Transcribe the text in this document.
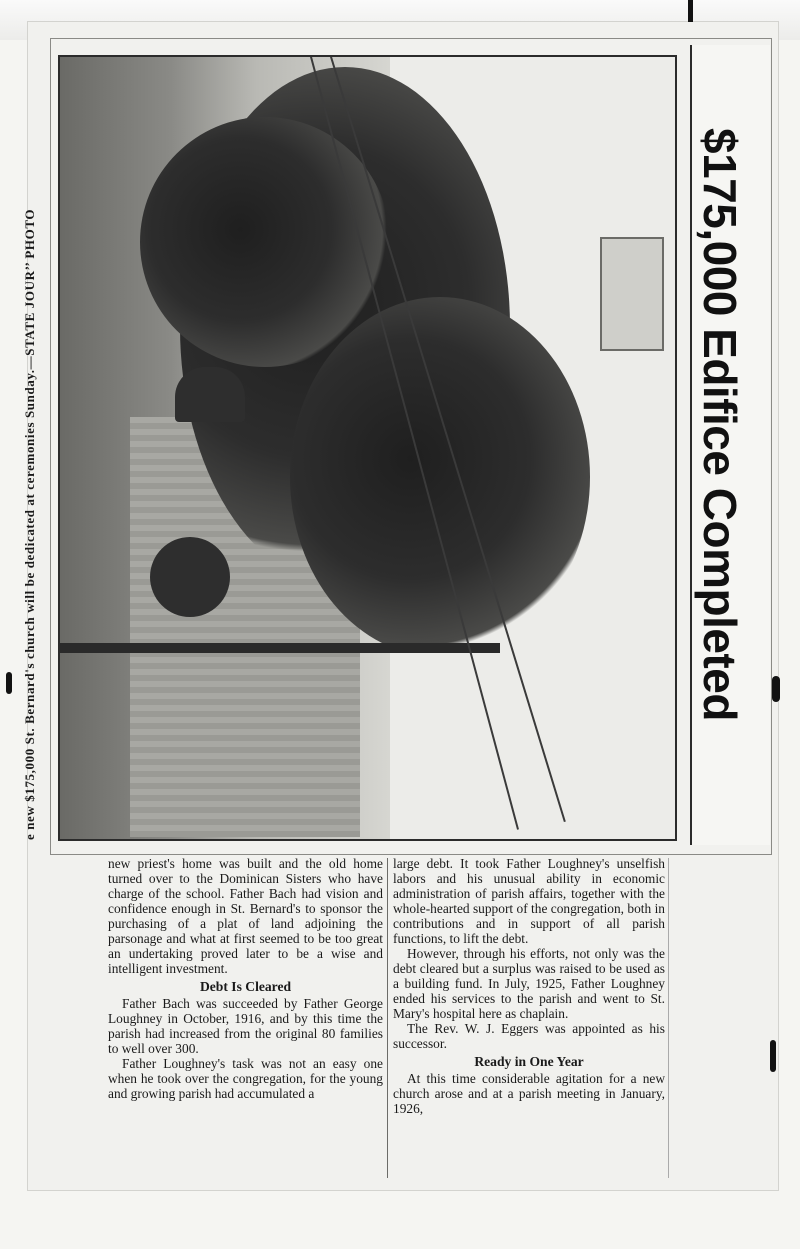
e new $175,000 St. Bernard's church will be dedicated at ceremonies Sunday.—STATE JOUR’’ PHOTO	$175,000 Edifice Completed

new priest's home was built and the old home turned over to the Dominican Sisters who have charge of the school. Father Bach had vision and confidence enough in St. Bernard's to sponsor the purchasing of a plat of land adjoining the parsonage and what at first seemed to be too great an undertaking proved later to be a wise and intelligent investment.

Debt Is Cleared

Father Bach was succeeded by Father George Loughney in October, 1916, and by this time the parish had increased from the original 80 families to well over 300.

Father Loughney's task was not an easy one when he took over the congregation, for the young and growing parish had accumulated a

large debt. It took Father Loughney's unselfish labors and his unusual ability in economic administration of parish affairs, together with the whole-hearted support of the congregation, both in contributions and in support of all parish functions, to lift the debt.

However, through his efforts, not only was the debt cleared but a surplus was raised to be used as a building fund. In July, 1925, Father Loughney ended his services to the parish and went to St. Mary's hospital here as chaplain.

The Rev. W. J. Eggers was appointed as his successor.

Ready in One Year

At this time considerable agitation for a new church arose and at a parish meeting in January, 1926,
